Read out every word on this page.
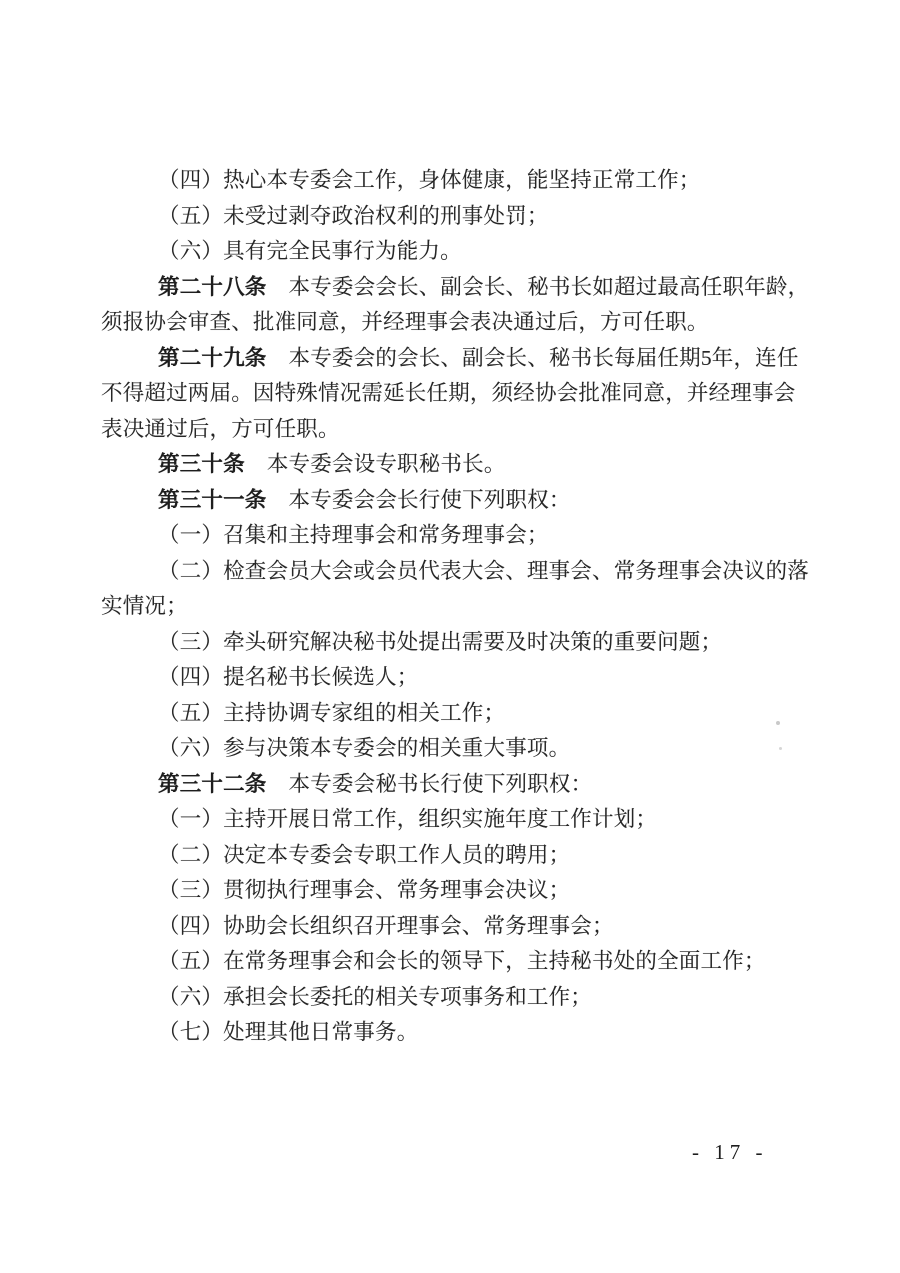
（四）热心本专委会工作，身体健康，能坚持正常工作；
（五）未受过剥夺政治权利的刑事处罚；
（六）具有完全民事行为能力。
第二十八条 本专委会会长、副会长、秘书长如超过最高任职年龄，
须报协会审查、批准同意，并经理事会表决通过后，方可任职。
第二十九条 本专委会的会长、副会长、秘书长每届任期5年，连任
不得超过两届。因特殊情况需延长任期，须经协会批准同意，并经理事会
表决通过后，方可任职。
第三十条 本专委会设专职秘书长。
第三十一条 本专委会会长行使下列职权：
（一）召集和主持理事会和常务理事会；
（二）检查会员大会或会员代表大会、理事会、常务理事会决议的落
实情况；
（三）牵头研究解决秘书处提出需要及时决策的重要问题；
（四）提名秘书长候选人；
（五）主持协调专家组的相关工作；
（六）参与决策本专委会的相关重大事项。
第三十二条 本专委会秘书长行使下列职权：
（一）主持开展日常工作，组织实施年度工作计划；
（二）决定本专委会专职工作人员的聘用；
（三）贯彻执行理事会、常务理事会决议；
（四）协助会长组织召开理事会、常务理事会；
（五）在常务理事会和会长的领导下，主持秘书处的全面工作；
（六）承担会长委托的相关专项事务和工作；
（七）处理其他日常事务。
- 17 -
